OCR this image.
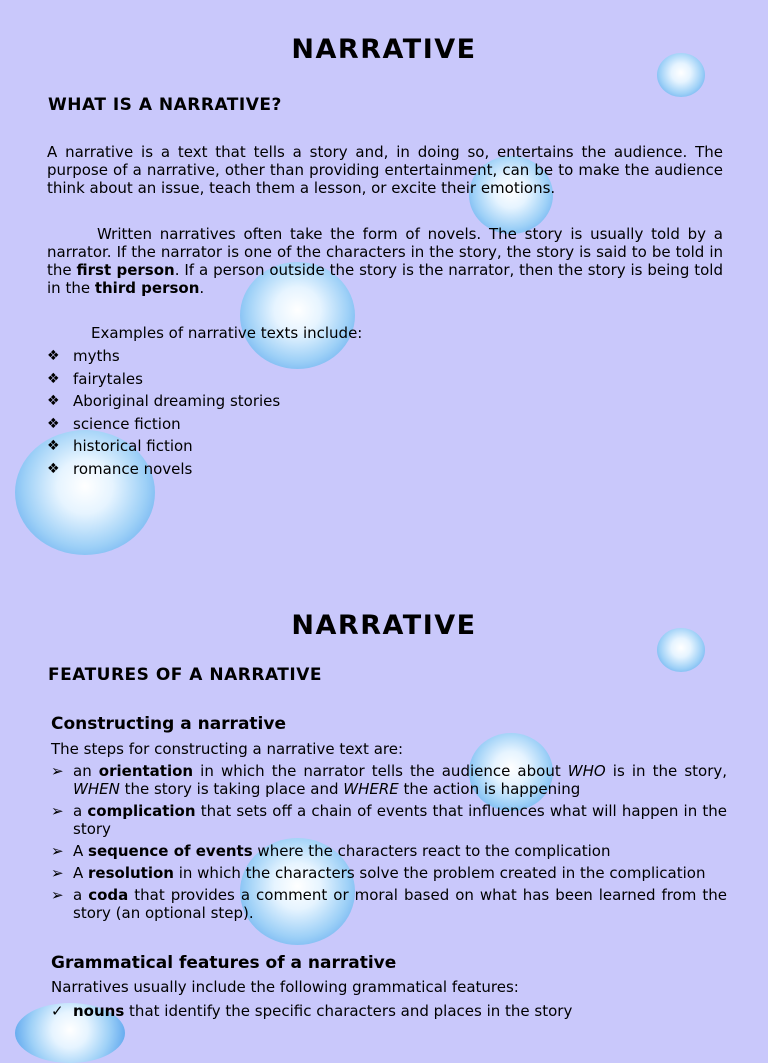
NARRATIVE
WHAT IS A NARRATIVE?

A narrative is a text that tells a story and, in doing so, entertains the audience. The purpose of a narrative, other than providing entertainment, can be to make the audience think about an issue, teach them a lesson, or excite their emotions.

Written narratives often take the form of novels. The story is usually told by a narrator. If the narrator is one of the characters in the story, the story is said to be told in the first person. If a person outside the story is the narrator, then the story is being told in the third person.

Examples of narrative texts include:
❖ myths
❖ fairytales
❖ Aboriginal dreaming stories
❖ science fiction
❖ historical fiction
❖ romance novels
NARRATIVE
FEATURES OF A NARRATIVE
Constructing a narrative
The steps for constructing a narrative text are:
➢ an orientation in which the narrator tells the audience about WHO is in the story, WHEN the story is taking place and WHERE the action is happening
➢ a complication that sets off a chain of events that influences what will happen in the story
➢ A sequence of events where the characters react to the complication
➢ A resolution in which the characters solve the problem created in the complication
➢ a coda that provides a comment or moral based on what has been learned from the story (an optional step).
Grammatical features of a narrative
Narratives usually include the following grammatical features:
✓ nouns that identify the specific characters and places in the story
